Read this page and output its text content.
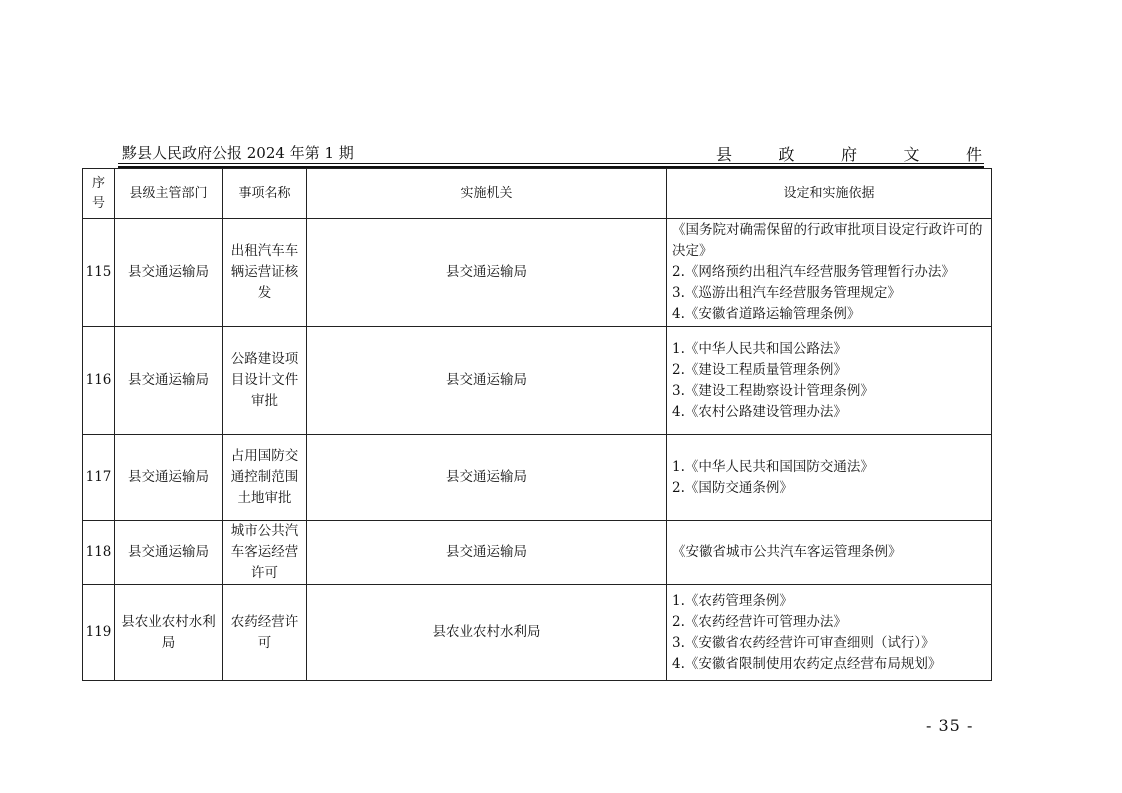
黟县人民政府公报 2024 年第 1 期	县	政	府	文	件
序号	县级主管部门	事项名称	实施机关	设定和实施依据
115	县交通运输局	出租汽车车辆运营证核发	县交通运输局	《国务院对确需保留的行政审批项目设定行政许可的决定》
2.《网络预约出租汽车经营服务管理暂行办法》
3.《巡游出租汽车经营服务管理规定》
4.《安徽省道路运输管理条例》

116	县交通运输局	公路建设项目设计文件审批	县交通运输局	1.《中华人民共和国公路法》
2.《建设工程质量管理条例》
3.《建设工程勘察设计管理条例》
4.《农村公路建设管理办法》

117	县交通运输局	占用国防交通控制范围土地审批	县交通运输局	1.《中华人民共和国国防交通法》
2.《国防交通条例》

118	县交通运输局	城市公共汽车客运经营许可	县交通运输局	《安徽省城市公共汽车客运管理条例》

119	县农业农村水利局	农药经营许可	县农业农村水利局	1.《农药管理条例》
2.《农药经营许可管理办法》
3.《安徽省农药经营许可审查细则（试行）》
4.《安徽省限制使用农药定点经营布局规划》
- 35 -
